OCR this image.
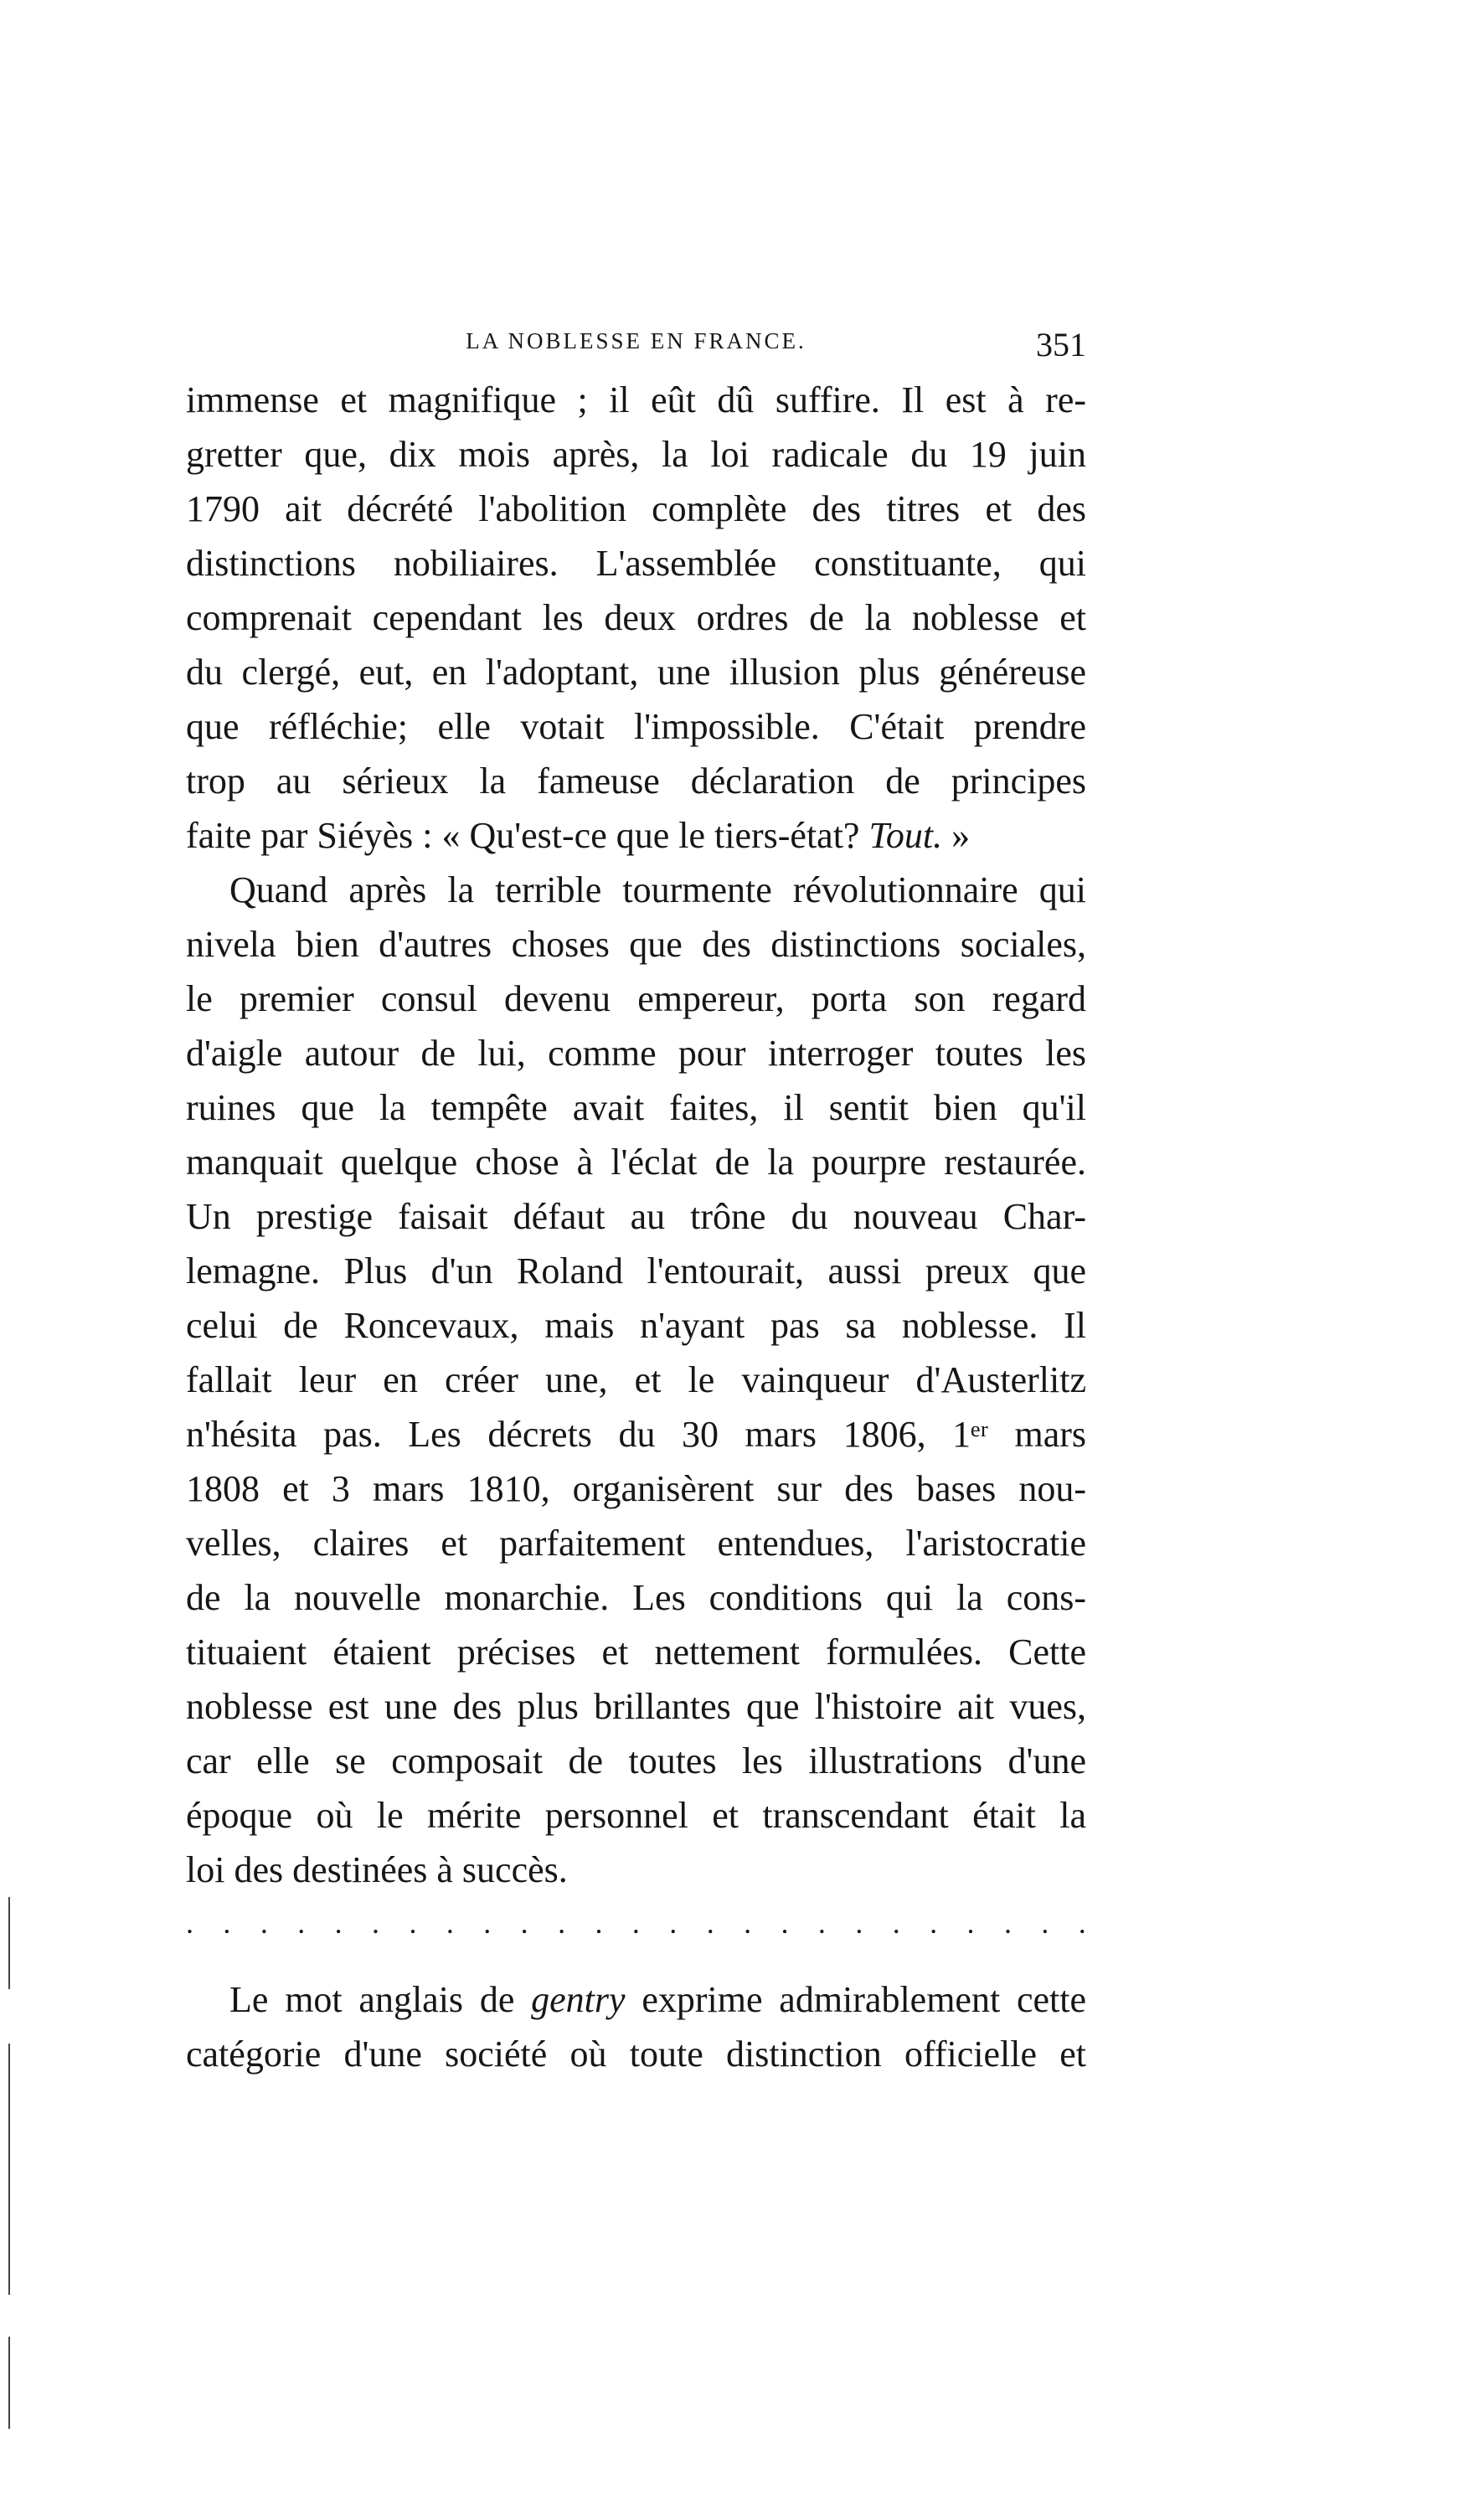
LA NOBLESSE EN FRANCE.	351
immense et magnifique ; il eût dû suffire. Il est à re-
gretter que, dix mois après, la loi radicale du 19 juin
1790 ait décrété l'abolition complète des titres et des
distinctions nobiliaires. L'assemblée constituante, qui
comprenait cependant les deux ordres de la noblesse et
du clergé, eut, en l'adoptant, une illusion plus généreuse
que réfléchie; elle votait l'impossible. C'était prendre
trop au sérieux la fameuse déclaration de principes
faite par Siéyès : « Qu'est-ce que le tiers-état? Tout. »
Quand après la terrible tourmente révolutionnaire qui
nivela bien d'autres choses que des distinctions sociales,
le premier consul devenu empereur, porta son regard
d'aigle autour de lui, comme pour interroger toutes les
ruines que la tempête avait faites, il sentit bien qu'il
manquait quelque chose à l'éclat de la pourpre restaurée.
Un prestige faisait défaut au trône du nouveau Char-
lemagne. Plus d'un Roland l'entourait, aussi preux que
celui de Roncevaux, mais n'ayant pas sa noblesse. Il
fallait leur en créer une, et le vainqueur d'Austerlitz
n'hésita pas. Les décrets du 30 mars 1806, 1ᵉʳ mars
1808 et 3 mars 1810, organisèrent sur des bases nou-
velles, claires et parfaitement entendues, l'aristocratie
de la nouvelle monarchie. Les conditions qui la cons-
tituaient étaient précises et nettement formulées. Cette
noblesse est une des plus brillantes que l'histoire ait vues,
car elle se composait de toutes les illustrations d'une
époque où le mérite personnel et transcendant était la
loi des destinées à succès.
. . . . . . . . . . . . . . . . . . . . . . . . .
Le mot anglais de gentry exprime admirablement cette
catégorie d'une société où toute distinction officielle et
